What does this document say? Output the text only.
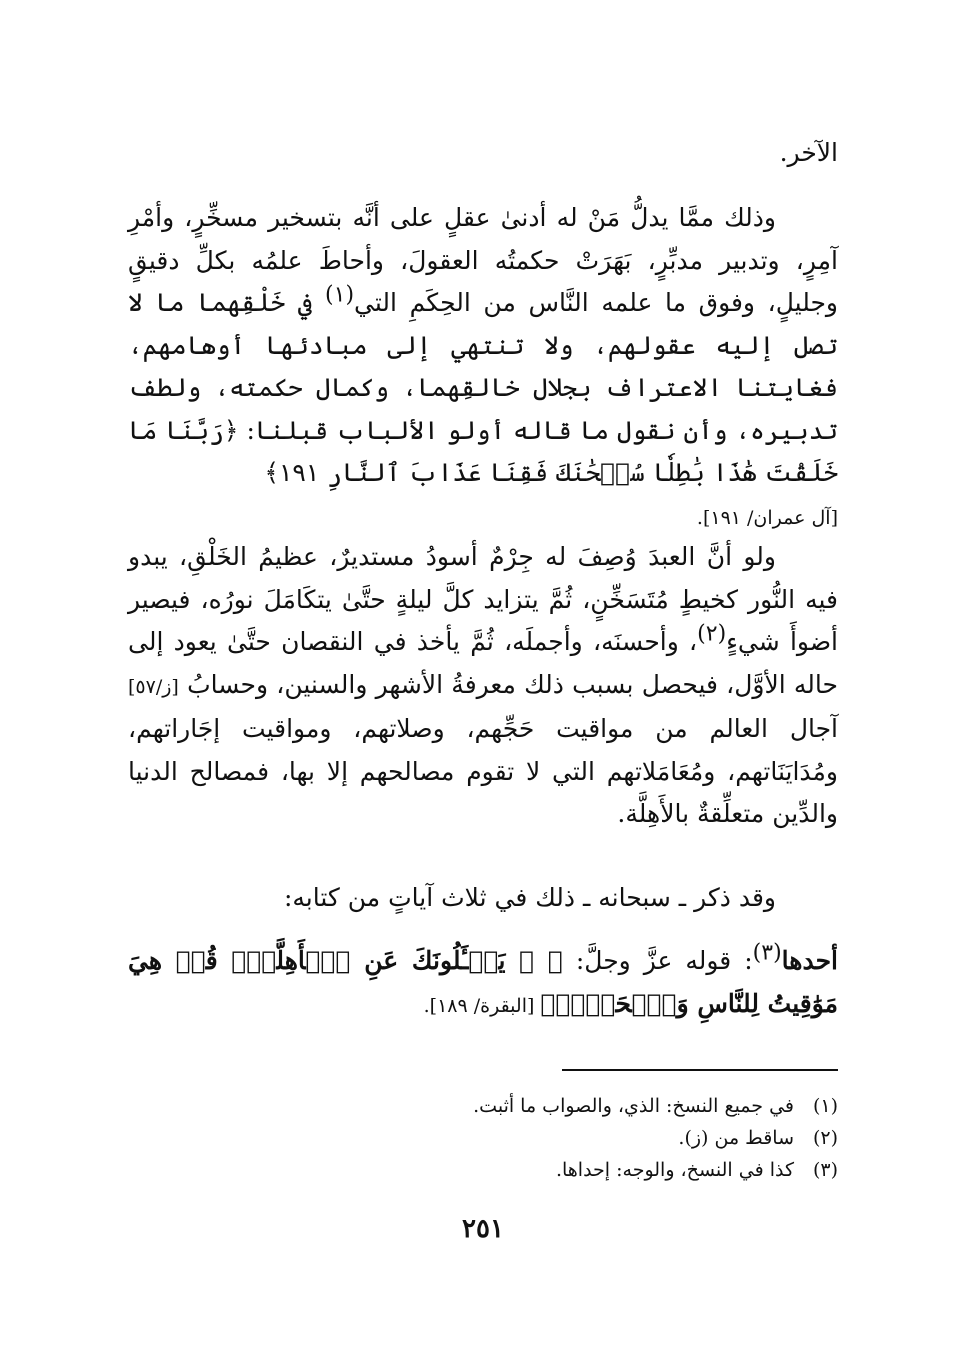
الآخر.

وذلك ممَّا يدلُّ مَنْ له أدنىٰ عقلٍ على أنَّه بتسخير مسخِّرٍ، وأمْرِ آمِرٍ، وتدبير مدبِّرٍ، بَهَرَتْ حكمتُه العقولَ، وأحاطَ علمُه بكلِّ دقيقٍ وجليلٍ، وفوق ما علمه النَّاس من الحِكَمِ التي(١) في خَلْقِهما ما لا تصل إليه عقولهم، ولا تنتهي إلى مبادئها أوهامهم، فغايتنا الاعتراف بجلال خالقِهما، وكمال حكمته، ولطف تدبيره، وأن نقول ما قاله أولو الألباب قبلنا: ﴿رَبَّنَا مَا خَلَقْتَ هَٰذَا بَٰطِلٗا سُبۡحَٰنَكَ فَقِنَا عَذَابَ ٱلنَّارِ ١٩١﴾
[آل عمران/ ١٩١].

ولو أنَّ العبدَ وُصِفَ له جِرْمٌ أسودُ مستديرٌ، عظيمُ الخَلْقِ، يبدو فيه النُّور كخيطٍ مُتَسَخِّنٍ، ثُمَّ يتزايد كلَّ ليلةٍ حتَّىٰ يتكَامَلَ نورُه، فيصير أضوأَ شيءٍ(٢)، وأحسنَه، وأجملَه، ثُمَّ يأخذ في النقصان حتَّىٰ يعود إلى حاله الأوَّل، فيحصل بسبب ذلك معرفةُ الأشهر والسنين، وحسابُ [ز/٥٧] آجال العالم من مواقيت حَجِّهم، وصلاتهم، ومواقيت إجَاراتهم، ومُدَايَنَاتهم، ومُعَامَلاتهم التي لا تقوم مصالحهم إلا بها، فمصالح الدنيا والدِّين متعلِّقةٌ بالأَهِلَّة.

وقد ذكر ـ سبحانه ـ ذلك في ثلاث آياتٍ من كتابه:

أحدها(٣): قوله عزَّ وجلَّ: ﴿ ۞ يَسۡـَٔلُونَكَ عَنِ ٱلۡأَهِلَّةِۖ قُلۡ هِيَ مَوَٰقِيتُ لِلنَّاسِ وَٱلۡحَجِّۗ﴾ [البقرة/ ١٨٩].

(١)
في جميع النسخ: الذي، والصواب ما أثبت.
(٢)
ساقط من (ز).
(٣)
كذا في النسخ، والوجه: إحداها.
٢٥١
